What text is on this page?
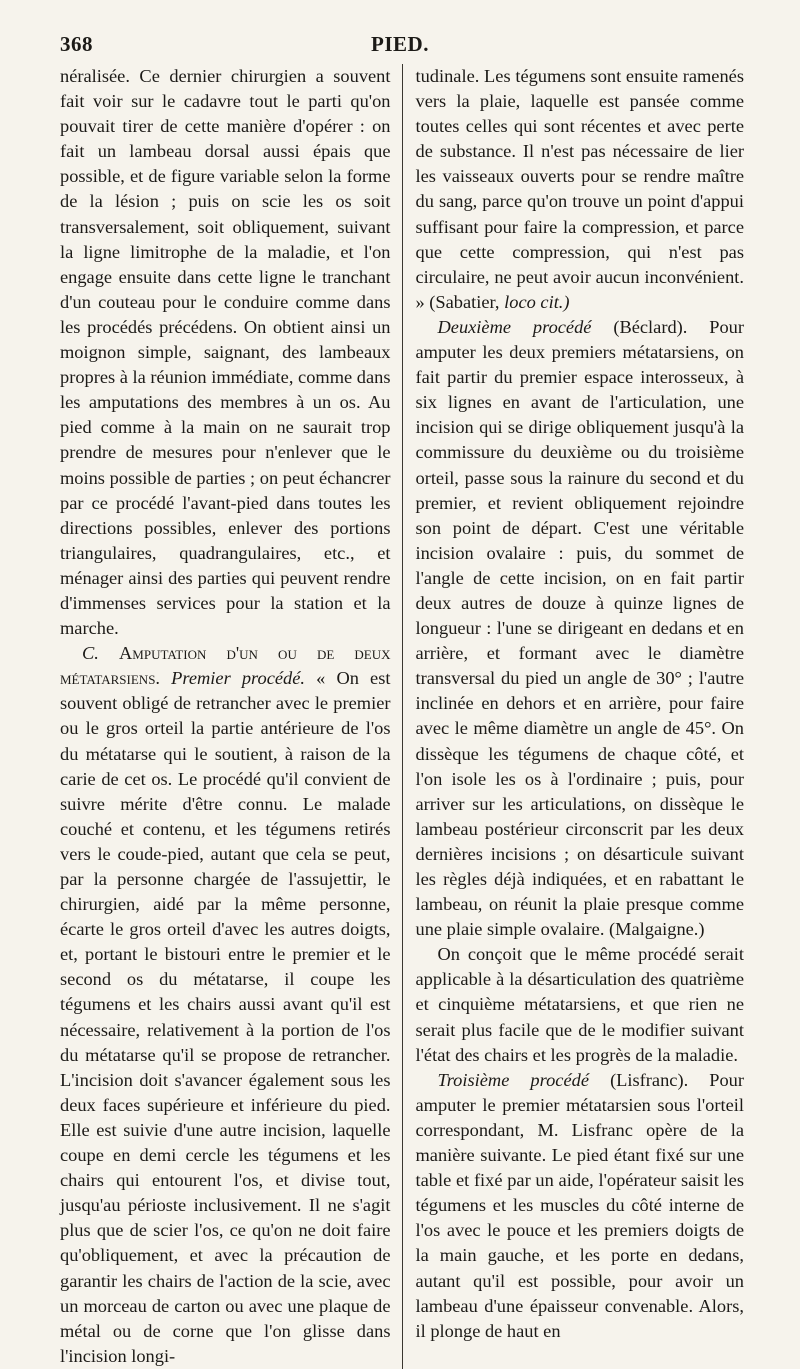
368	PIED.

néralisée. Ce dernier chirurgien a souvent fait voir sur le cadavre tout le parti qu'on pouvait tirer de cette manière d'opérer : on fait un lambeau dorsal aussi épais que possible, et de figure variable selon la forme de la lésion ; puis on scie les os soit transversalement, soit obliquement, suivant la ligne limitrophe de la maladie, et l'on engage ensuite dans cette ligne le tranchant d'un couteau pour le conduire comme dans les procédés précédens. On obtient ainsi un moignon simple, saignant, des lambeaux propres à la réunion immédiate, comme dans les amputations des membres à un os. Au pied comme à la main on ne saurait trop prendre de mesures pour n'enlever que le moins possible de parties ; on peut échancrer par ce procédé l'avant-pied dans toutes les directions possibles, enlever des portions triangulaires, quadrangulaires, etc., et ménager ainsi des parties qui peuvent rendre d'immenses services pour la station et la marche.

C. Amputation d'un ou de deux métatarsiens. Premier procédé. « On est souvent obligé de retrancher avec le premier ou le gros orteil la partie antérieure de l'os du métatarse qui le soutient, à raison de la carie de cet os. Le procédé qu'il convient de suivre mérite d'être connu. Le malade couché et contenu, et les tégumens retirés vers le coude-pied, autant que cela se peut, par la personne chargée de l'assujettir, le chirurgien, aidé par la même personne, écarte le gros orteil d'avec les autres doigts, et, portant le bistouri entre le premier et le second os du métatarse, il coupe les tégumens et les chairs aussi avant qu'il est nécessaire, relativement à la portion de l'os du métatarse qu'il se propose de retrancher. L'incision doit s'avancer également sous les deux faces supérieure et inférieure du pied. Elle est suivie d'une autre incision, laquelle coupe en demi cercle les tégumens et les chairs qui entourent l'os, et divise tout, jusqu'au périoste inclusivement. Il ne s'agit plus que de scier l'os, ce qu'on ne doit faire qu'obliquement, et avec la précaution de garantir les chairs de l'action de la scie, avec un morceau de carton ou avec une plaque de métal ou de corne que l'on glisse dans l'incision longi-

tudinale. Les tégumens sont ensuite ramenés vers la plaie, laquelle est pansée comme toutes celles qui sont récentes et avec perte de substance. Il n'est pas nécessaire de lier les vaisseaux ouverts pour se rendre maître du sang, parce qu'on trouve un point d'appui suffisant pour faire la compression, et parce que cette compression, qui n'est pas circulaire, ne peut avoir aucun inconvénient. » (Sabatier, loco cit.)

Deuxième procédé (Béclard). Pour amputer les deux premiers métatarsiens, on fait partir du premier espace interosseux, à six lignes en avant de l'articulation, une incision qui se dirige obliquement jusqu'à la commissure du deuxième ou du troisième orteil, passe sous la rainure du second et du premier, et revient obliquement rejoindre son point de départ. C'est une véritable incision ovalaire : puis, du sommet de l'angle de cette incision, on en fait partir deux autres de douze à quinze lignes de longueur : l'une se dirigeant en dedans et en arrière, et formant avec le diamètre transversal du pied un angle de 30° ; l'autre inclinée en dehors et en arrière, pour faire avec le même diamètre un angle de 45°. On dissèque les tégumens de chaque côté, et l'on isole les os à l'ordinaire ; puis, pour arriver sur les articulations, on dissèque le lambeau postérieur circonscrit par les deux dernières incisions ; on désarticule suivant les règles déjà indiquées, et en rabattant le lambeau, on réunit la plaie presque comme une plaie simple ovalaire. (Malgaigne.)

On conçoit que le même procédé serait applicable à la désarticulation des quatrième et cinquième métatarsiens, et que rien ne serait plus facile que de le modifier suivant l'état des chairs et les progrès de la maladie.

Troisième procédé (Lisfranc). Pour amputer le premier métatarsien sous l'orteil correspondant, M. Lisfranc opère de la manière suivante. Le pied étant fixé sur une table et fixé par un aide, l'opérateur saisit les tégumens et les muscles du côté interne de l'os avec le pouce et les premiers doigts de la main gauche, et les porte en dedans, autant qu'il est possible, pour avoir un lambeau d'une épaisseur convenable. Alors, il plonge de haut en
